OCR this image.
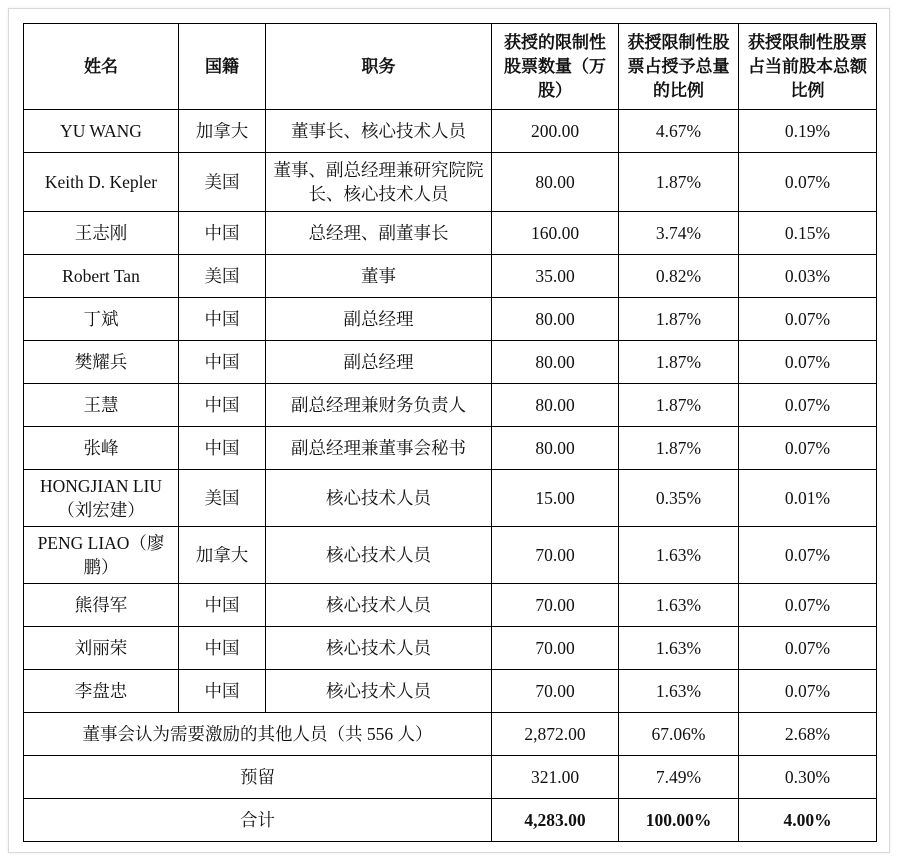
姓名	国籍	职务	获授的限制性股票数量（万股）	获授限制性股票占授予总量的比例	获授限制性股票占当前股本总额比例
YU WANG	加拿大	董事长、核心技术人员	200.00	4.67%	0.19%
Keith D. Kepler	美国	董事、副总经理兼研究院院长、核心技术人员	80.00	1.87%	0.07%
王志刚	中国	总经理、副董事长	160.00	3.74%	0.15%
Robert Tan	美国	董事	35.00	0.82%	0.03%
丁斌	中国	副总经理	80.00	1.87%	0.07%
樊耀兵	中国	副总经理	80.00	1.87%	0.07%
王慧	中国	副总经理兼财务负责人	80.00	1.87%	0.07%
张峰	中国	副总经理兼董事会秘书	80.00	1.87%	0.07%
HONGJIAN LIU（刘宏建）	美国	核心技术人员	15.00	0.35%	0.01%
PENG LIAO（廖鹏）	加拿大	核心技术人员	70.00	1.63%	0.07%
熊得军	中国	核心技术人员	70.00	1.63%	0.07%
刘丽荣	中国	核心技术人员	70.00	1.63%	0.07%
李盘忠	中国	核心技术人员	70.00	1.63%	0.07%
董事会认为需要激励的其他人员（共 556 人）			2,872.00	67.06%	2.68%
预留			321.00	7.49%	0.30%
合计			4,283.00	100.00%	4.00%
